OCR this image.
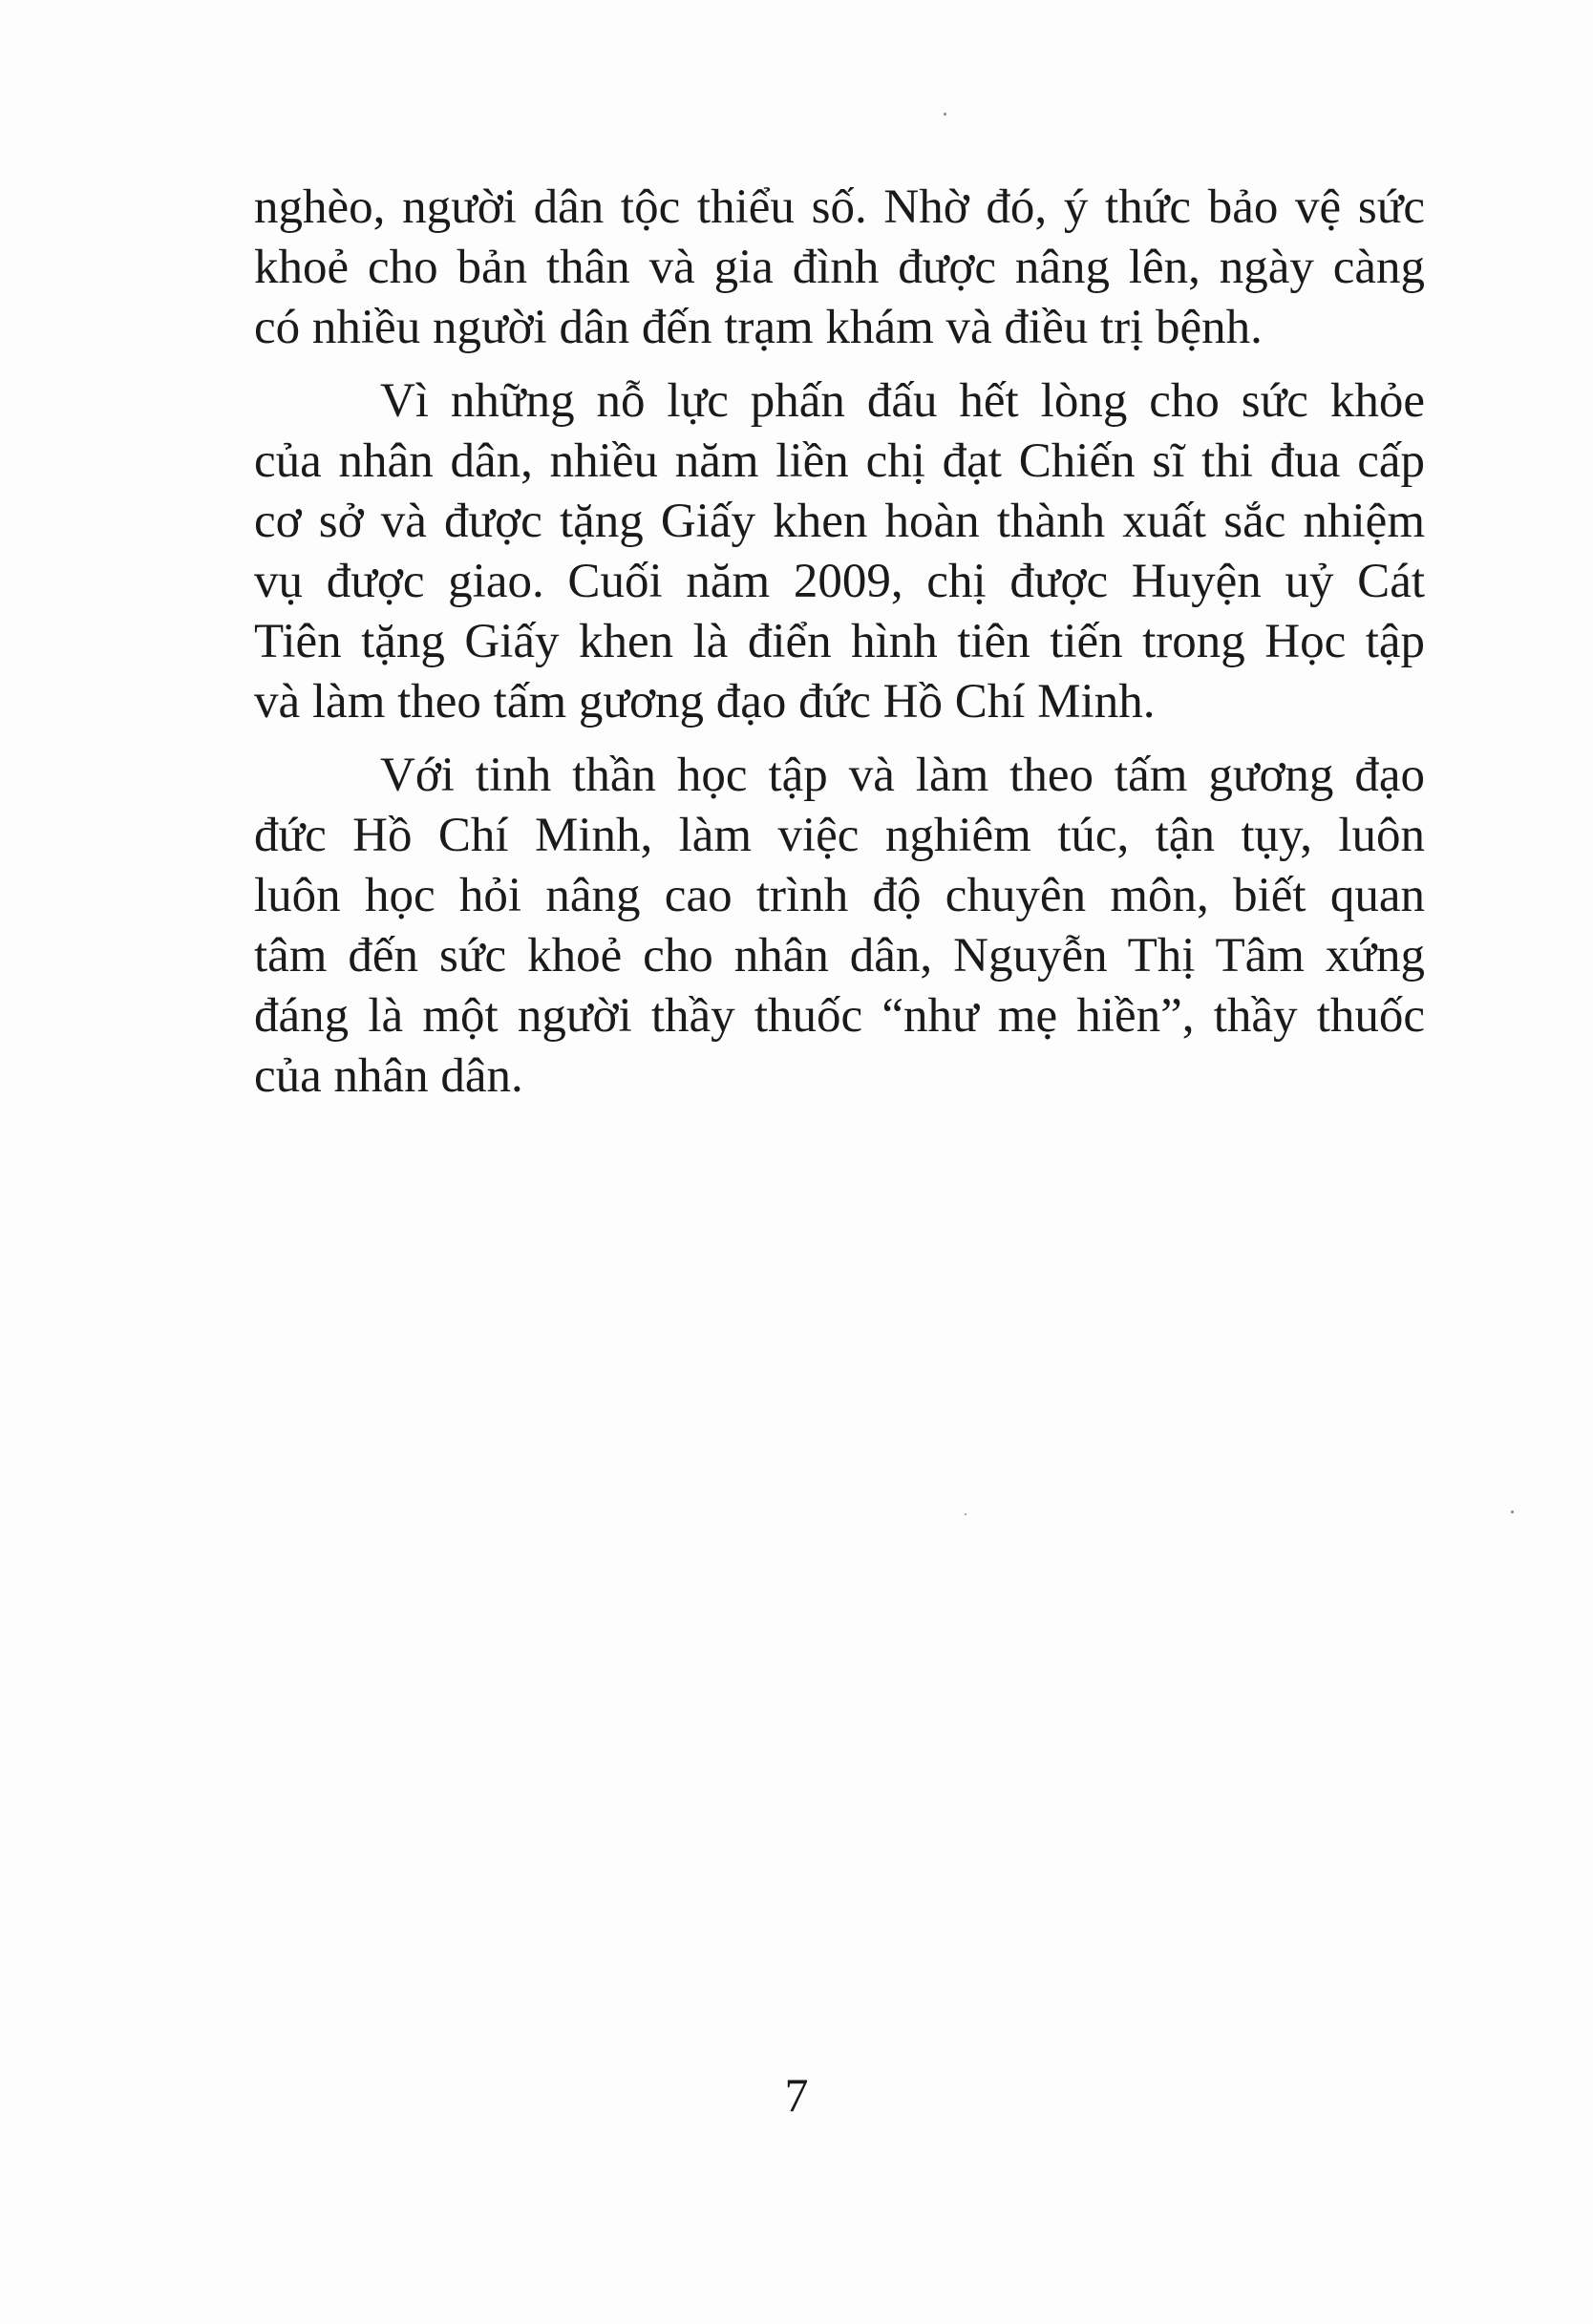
nghèo, người dân tộc thiểu số. Nhờ đó, ý thức bảo vệ sức
khoẻ cho bản thân và gia đình được nâng lên, ngày càng
có nhiều người dân đến trạm khám và điều trị bệnh.
Vì những nỗ lực phấn đấu hết lòng cho sức khỏe
của nhân dân, nhiều năm liền chị đạt Chiến sĩ thi đua cấp
cơ sở và được tặng Giấy khen hoàn thành xuất sắc nhiệm
vụ được giao. Cuối năm 2009, chị được Huyện uỷ Cát
Tiên tặng Giấy khen là điển hình tiên tiến trong Học tập
và làm theo tấm gương đạo đức Hồ Chí Minh.
Với tinh thần học tập và làm theo tấm gương đạo
đức Hồ Chí Minh, làm việc nghiêm túc, tận tụy, luôn
luôn học hỏi nâng cao trình độ chuyên môn, biết quan
tâm đến sức khoẻ cho nhân dân, Nguyễn Thị Tâm xứng
đáng là một người thầy thuốc “như mẹ hiền”, thầy thuốc
của nhân dân.
7
